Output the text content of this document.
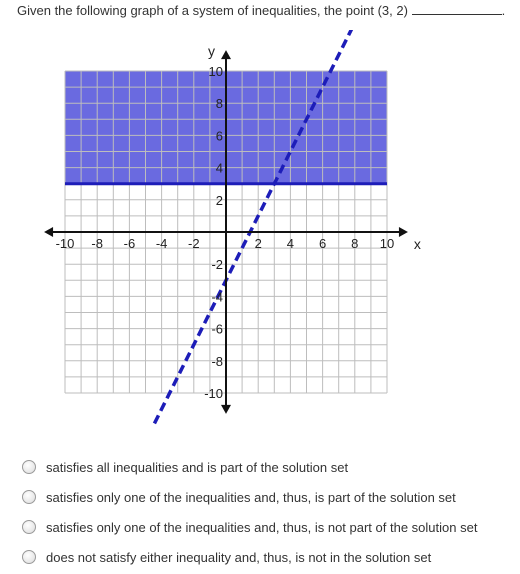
Given the following graph of a system of inequalities, the point (3, 2)	.
x
y
-10 -8 -6 -4 -2	2 4 6 8 10
10
8
6
4
2
-2
-4
-6
-8
-10
satisfies all inequalities and is part of the solution set
satisfies only one of the inequalities and, thus, is part of the solution set
satisfies only one of the inequalities and, thus, is not part of the solution set
does not satisfy either inequality and, thus, is not in the solution set
